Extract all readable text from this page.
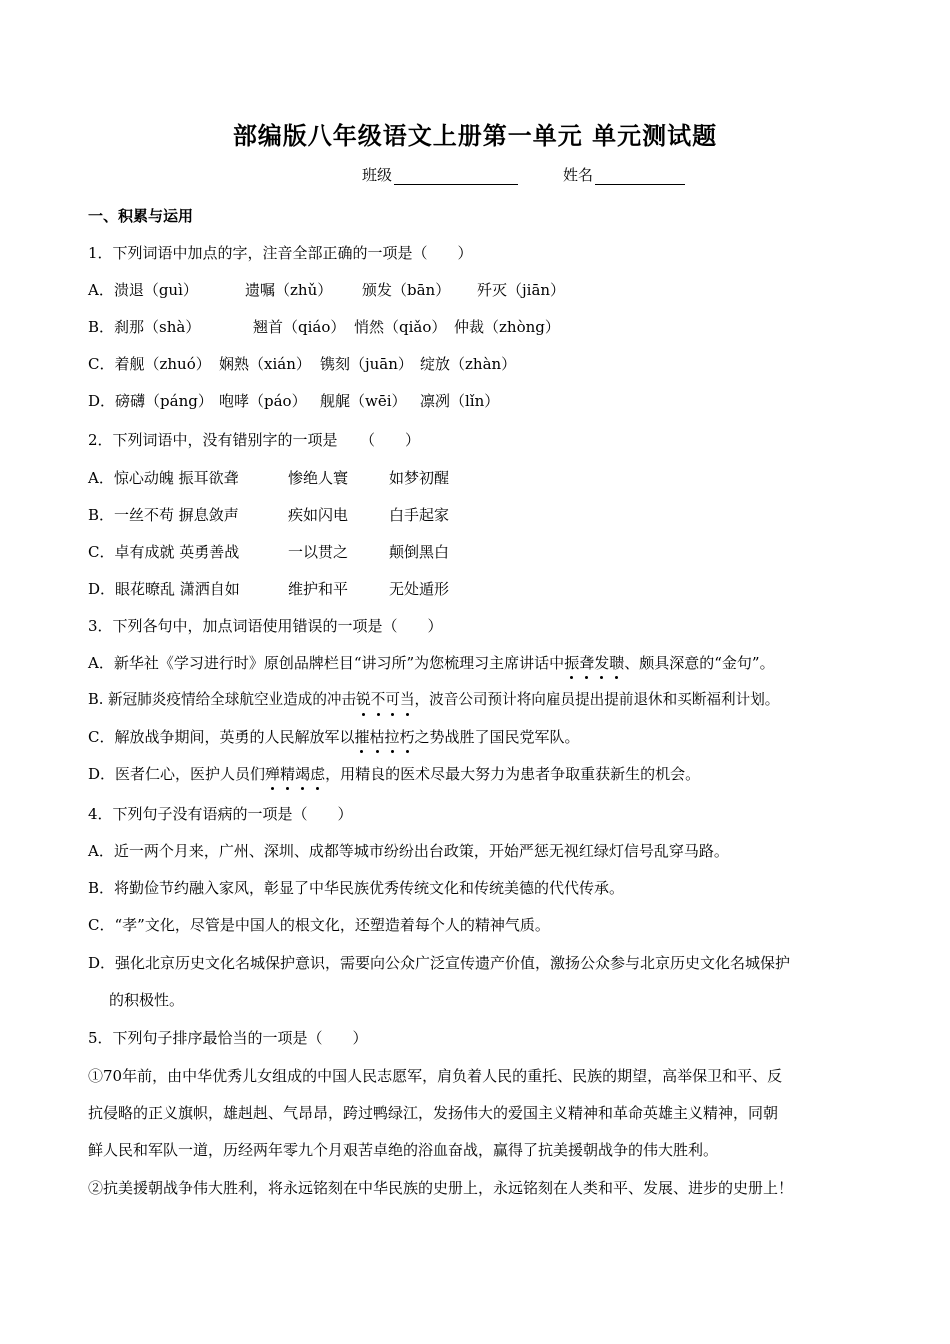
部编版八年级语文上册第一单元 单元测试题
班级	姓名
一、积累与运用
1．下列词语中加点的字，注音全部正确的一项是（　　）
A．溃退（guì）	遗嘱（zhǔ） 颁发（bān） 歼灭（jiān）
B．刹那（shà）	翘首（qiáo） 悄然（qiǎo） 仲裁（zhòng）
C．着舰（zhuó） 娴熟（xián） 镌刻（juān） 绽放（zhàn）
D．磅礴（páng） 咆哮（páo） 舰艉（wēi） 凛冽（lǐn）
2．下列词语中，没有错别字的一项是　　（　　）
A．惊心动魄 振耳欲聋	惨绝人寰	如梦初醒
B．一丝不苟 摒息敛声	疾如闪电	白手起家
C．卓有成就 英勇善战	一以贯之	颠倒黑白
D．眼花暸乱 潇洒自如	维护和平	无处遁形
3．下列各句中，加点词语使用错误的一项是（　　）
A．新华社《学习进行时》原创品牌栏目“讲习所”为您梳理习主席讲话中振聋发聩、颇具深意的“金句”。
B. 新冠肺炎疫情给全球航空业造成的冲击锐不可当，波音公司预计将向雇员提出提前退休和买断福利计划。
C．解放战争期间，英勇的人民解放军以摧枯拉朽之势战胜了国民党军队。
D．医者仁心，医护人员们殚精竭虑，用精良的医术尽最大努力为患者争取重获新生的机会。
4．下列句子没有语病的一项是（　　）
A．近一两个月来，广州、深圳、成都等城市纷纷出台政策，开始严惩无视红绿灯信号乱穿马路。
B．将勤俭节约融入家风，彰显了中华民族优秀传统文化和传统美德的代代传承。
C．“孝”文化，尽管是中国人的根文化，还塑造着每个人的精神气质。
D．强化北京历史文化名城保护意识，需要向公众广泛宣传遗产价值，激扬公众参与北京历史文化名城保护
的积极性。
5．下列句子排序最恰当的一项是（　　）
①70年前，由中华优秀儿女组成的中国人民志愿军，肩负着人民的重托、民族的期望，高举保卫和平、反
抗侵略的正义旗帜，雄赳赳、气昂昂，跨过鸭绿江，发扬伟大的爱国主义精神和革命英雄主义精神，同朝
鲜人民和军队一道，历经两年零九个月艰苦卓绝的浴血奋战，赢得了抗美援朝战争的伟大胜利。
②抗美援朝战争伟大胜利，将永远铭刻在中华民族的史册上，永远铭刻在人类和平、发展、进步的史册上！
